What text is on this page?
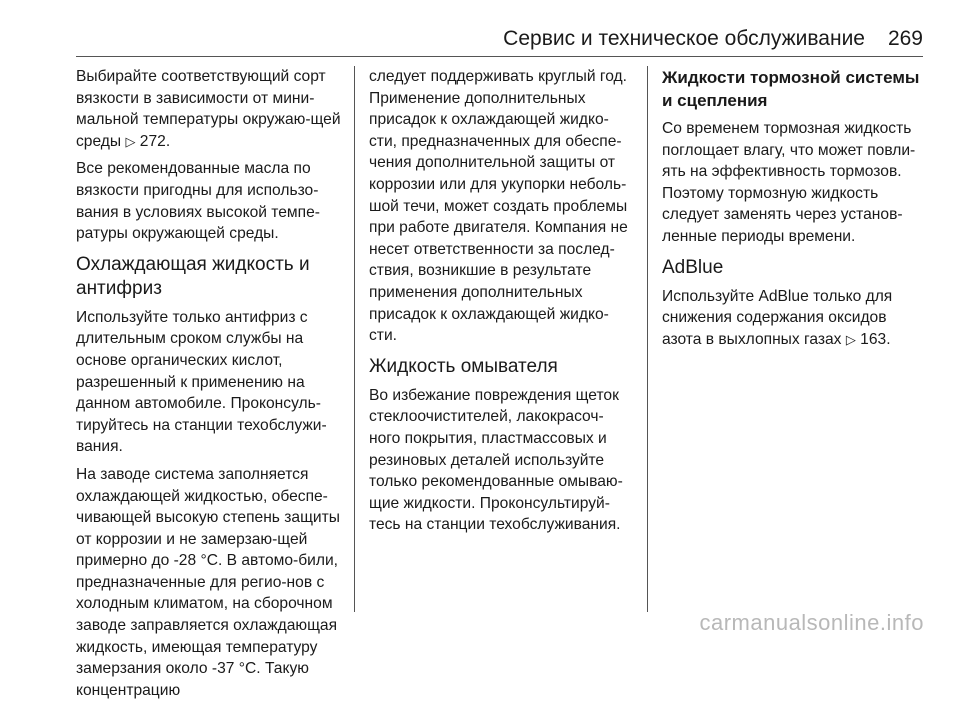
Сервис и техническое обслуживание 269

Выбирайте соответствующий сорт вязкости в зависимости от мини-мальной температуры окружаю-щей среды ▷ 272.

Все рекомендованные масла по вязкости пригодны для использо-вания в условиях высокой темпе-ратуры окружающей среды.

Охлаждающая жидкость и антифриз

Используйте только антифриз с длительным сроком службы на основе органических кислот, разрешенный к применению на данном автомобиле. Проконсуль-тируйтесь на станции техобслужи-вания.

На заводе система заполняется охлаждающей жидкостью, обеспе-чивающей высокую степень защиты от коррозии и не замерзаю-щей примерно до -28 °C. В автомо-били, предназначенные для регио-нов с холодным климатом, на сборочном заводе заправляется охлаждающая жидкость, имеющая температуру замерзания около -37 °C. Такую концентрацию

следует поддерживать круглый год. Применение дополнительных присадок к охлаждающей жидко-сти, предназначенных для обеспе-чения дополнительной защиты от коррозии или для укупорки неболь-шой течи, может создать проблемы при работе двигателя. Компания не несет ответственности за послед-ствия, возникшие в результате применения дополнительных присадок к охлаждающей жидко-сти.

Жидкость омывателя

Во избежание повреждения щеток стеклоочистителей, лакокрасоч-ного покрытия, пластмассовых и резиновых деталей используйте только рекомендованные омываю-щие жидкости. Проконсультируй-тесь на станции техобслуживания.

Жидкости тормозной системы и сцепления

Со временем тормозная жидкость поглощает влагу, что может повли-ять на эффективность тормозов. Поэтому тормозную жидкость следует заменять через установ-ленные периоды времени.

AdBlue

Используйте AdBlue только для снижения содержания оксидов азота в выхлопных газах ▷ 163.

carmanualsonline.info
